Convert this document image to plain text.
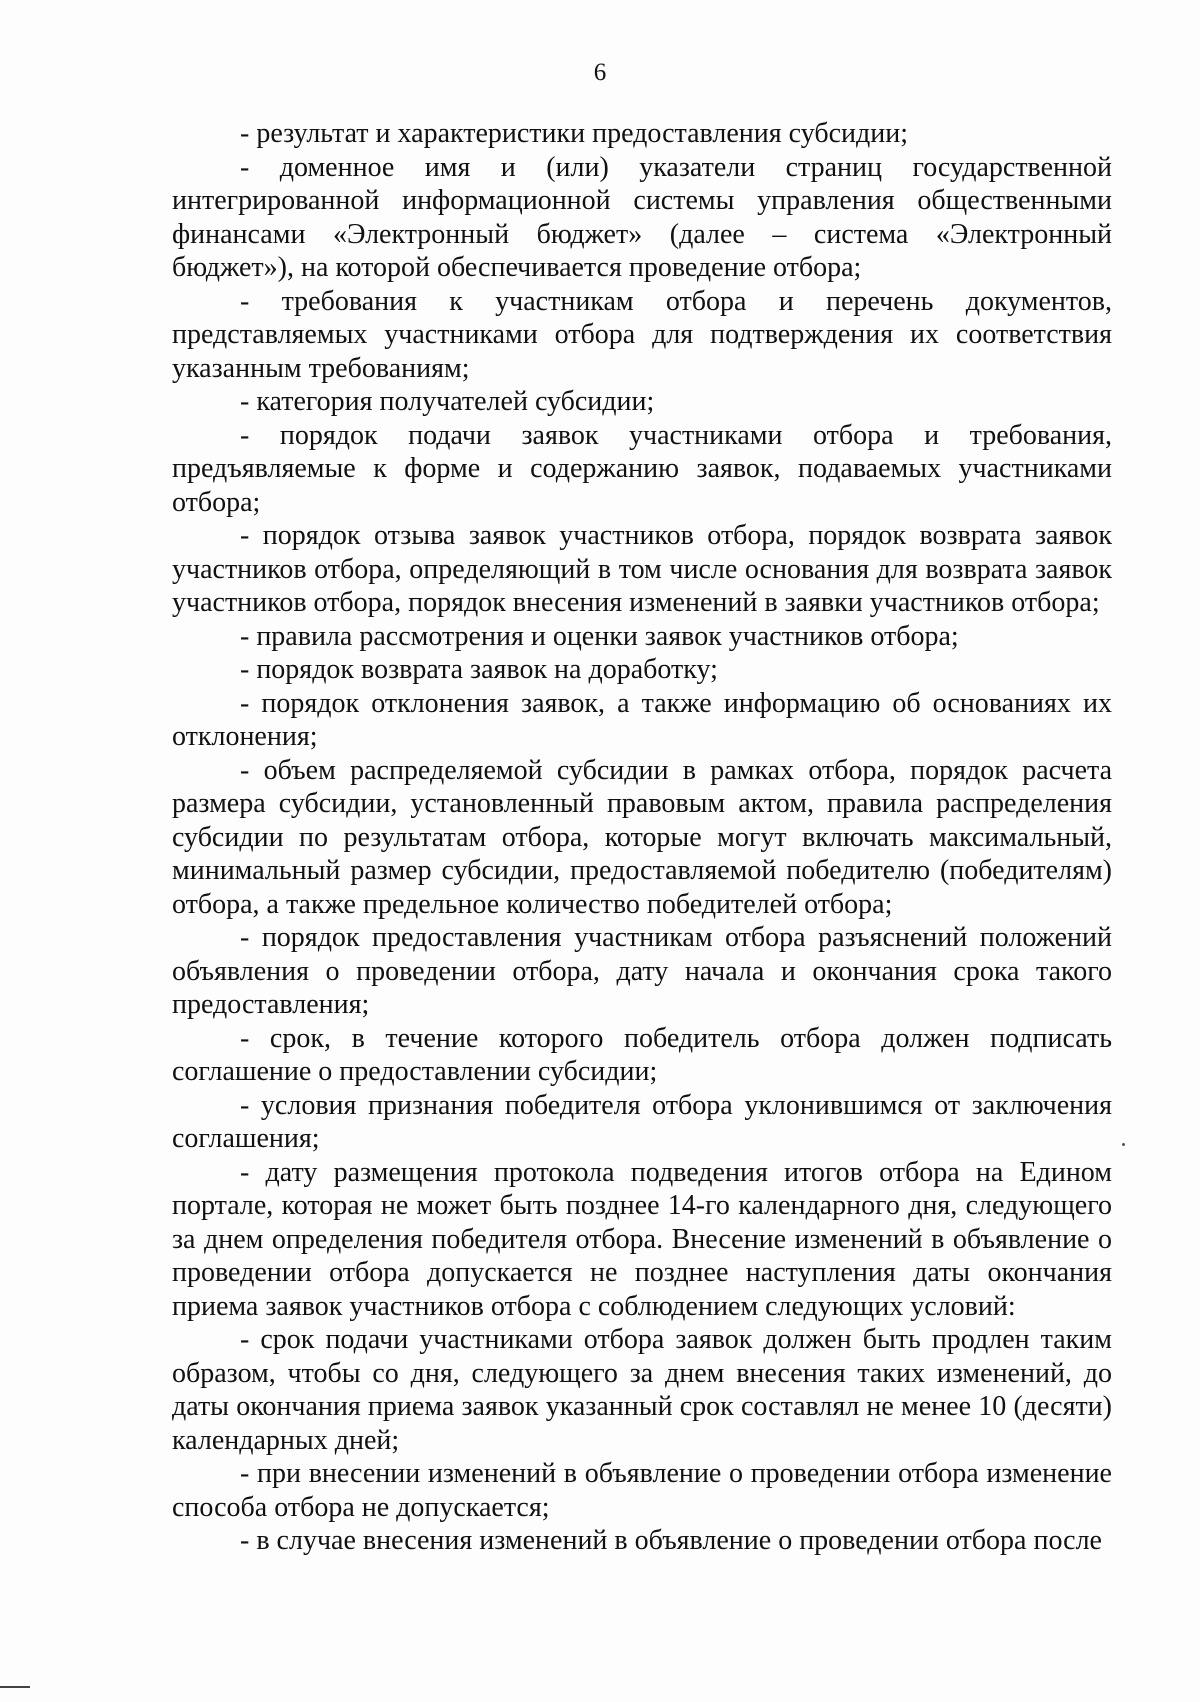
6

- результат и характеристики предоставления субсидии;

- доменное имя и (или) указатели страниц государственной интегрированной информационной системы управления общественными финансами «Электронный бюджет» (далее – система «Электронный бюджет»), на которой обеспечивается проведение отбора;

- требования к участникам отбора и перечень документов, представляемых участниками отбора для подтверждения их соответствия указанным требованиям;

- категория получателей субсидии;

- порядок подачи заявок участниками отбора и требования, предъявляемые к форме и содержанию заявок, подаваемых участниками отбора;

- порядок отзыва заявок участников отбора, порядок возврата заявок участников отбора, определяющий в том числе основания для возврата заявок участников отбора, порядок внесения изменений в заявки участников отбора;

- правила рассмотрения и оценки заявок участников отбора;

- порядок возврата заявок на доработку;

- порядок отклонения заявок, а также информацию об основаниях их отклонения;

- объем распределяемой субсидии в рамках отбора, порядок расчета размера субсидии, установленный правовым актом, правила распределения субсидии по результатам отбора, которые могут включать максимальный, минимальный размер субсидии, предоставляемой победителю (победителям) отбора, а также предельное количество победителей отбора;

- порядок предоставления участникам отбора разъяснений положений объявления о проведении отбора, дату начала и окончания срока такого предоставления;

- срок, в течение которого победитель отбора должен подписать соглашение о предоставлении субсидии;

- условия признания победителя отбора уклонившимся от заключения соглашения;

- дату размещения протокола подведения итогов отбора на Едином портале, которая не может быть позднее 14-го календарного дня, следующего за днем определения победителя отбора. Внесение изменений в объявление о проведении отбора допускается не позднее наступления даты окончания приема заявок участников отбора с соблюдением следующих условий:

- срок подачи участниками отбора заявок должен быть продлен таким образом, чтобы со дня, следующего за днем внесения таких изменений, до даты окончания приема заявок указанный срок составлял не менее 10 (десяти) календарных дней;

- при внесении изменений в объявление о проведении отбора изменение способа отбора не допускается;

- в случае внесения изменений в объявление о проведении отбора после
